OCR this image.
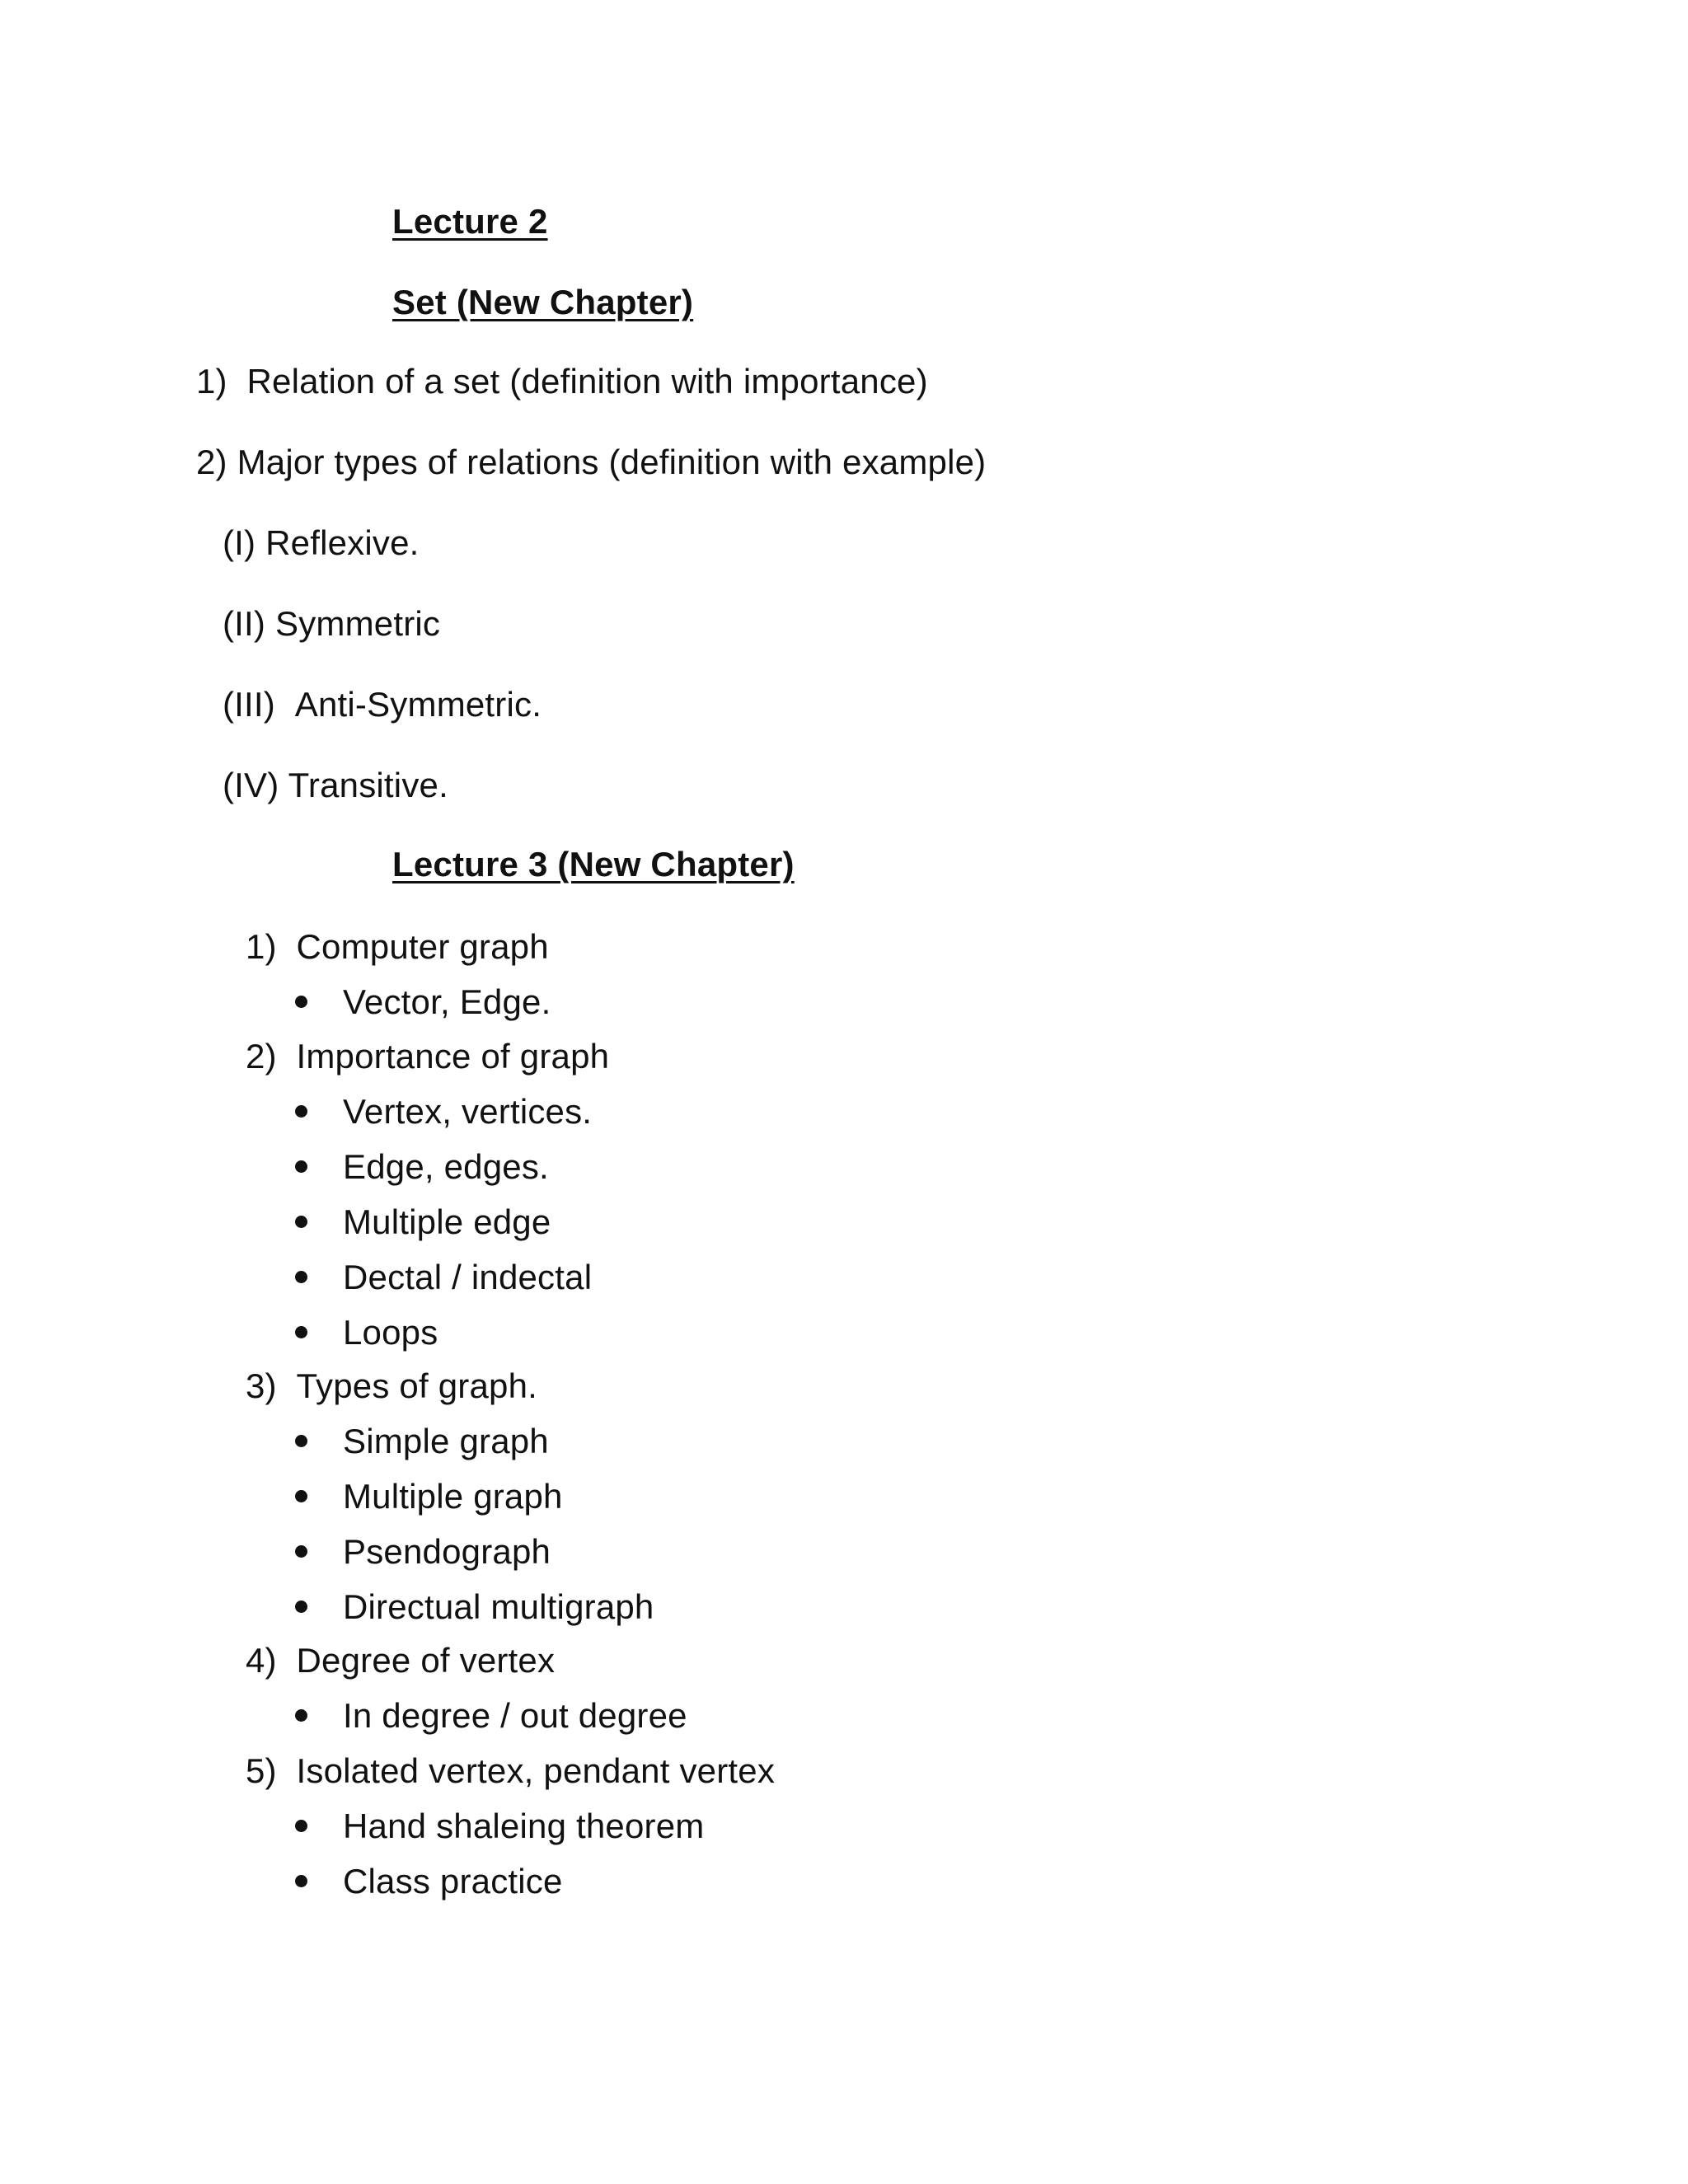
Lecture 2
Set (New Chapter)
1) Relation of a set (definition with importance)
2) Major types of relations (definition with example)
(I) Reflexive.
(II) Symmetric
(III) Anti-Symmetric.
(IV) Transitive.
Lecture 3 (New Chapter)
1) Computer graph
Vector, Edge.
2) Importance of graph
Vertex, vertices.
Edge, edges.
Multiple edge
Dectal / indectal
Loops
3) Types of graph.
Simple graph
Multiple graph
Psendograph
Directual multigraph
4) Degree of vertex
In degree / out degree
5) Isolated vertex, pendant vertex
Hand shaleing theorem
Class practice
